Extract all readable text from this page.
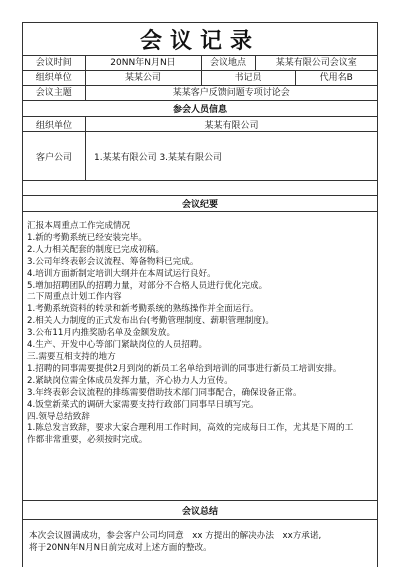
会议记录
会议时间	20NN年N月N日	会议地点	某某有限公司会议室	
组织单位	某某公司	书记员		代用名B
会议主题	某某客户反馈问题专项讨论会			
参会人员信息
组织单位	某某有限公司
客户公司	1.某某有限公司 3.某某有限公司
会议纪要
汇报本周重点工作完成情况
1.新的考勤系统已经安装完毕。
2.人力相关配套的制度已完成初稿。
3.公司年终表彰会议流程、筹备物料已完成。
4.培训方面新制定培训大纲并在本周试运行良好。
5.增加招聘团队的招聘力量，对部分不合格人员进行优化完成。
二下周重点计划工作内容
1.考勤系统资料的转录和新考勤系统的熟练操作并全面运行。
2.相关人力制度的正式发布出台(考勤管理制度、薪职管理制度)。
3.公布11月内推奖励名单及金额发放。
4.生产、开发中心等部门紧缺岗位的人员招聘。
三.需要互相支持的地方
1.招聘的同事需要提供2月到岗的新员工名单给到培训的同事进行新员工培训安排。
2.紧缺岗位需全体成员发挥力量，齐心协力人力宣传。
3.年终表彰会议流程的排练需要借助技术部门同事配合，确保设备正常。
4.饭堂新菜式的调研大家需要支持行政部门同事早日填写完。
四.领导总结致辞
1.陈总发言致辞，要求大家合理利用工作时间，高效的完成每日工作，尤其是下周的工
作都非常重要，必须按时完成。
会议总结
本次会议圆满成功，参会客户公司均同意　xx 方提出的解决办法　xx方承诺,
将于20NN年N月N日前完成对上述方面的整改。
